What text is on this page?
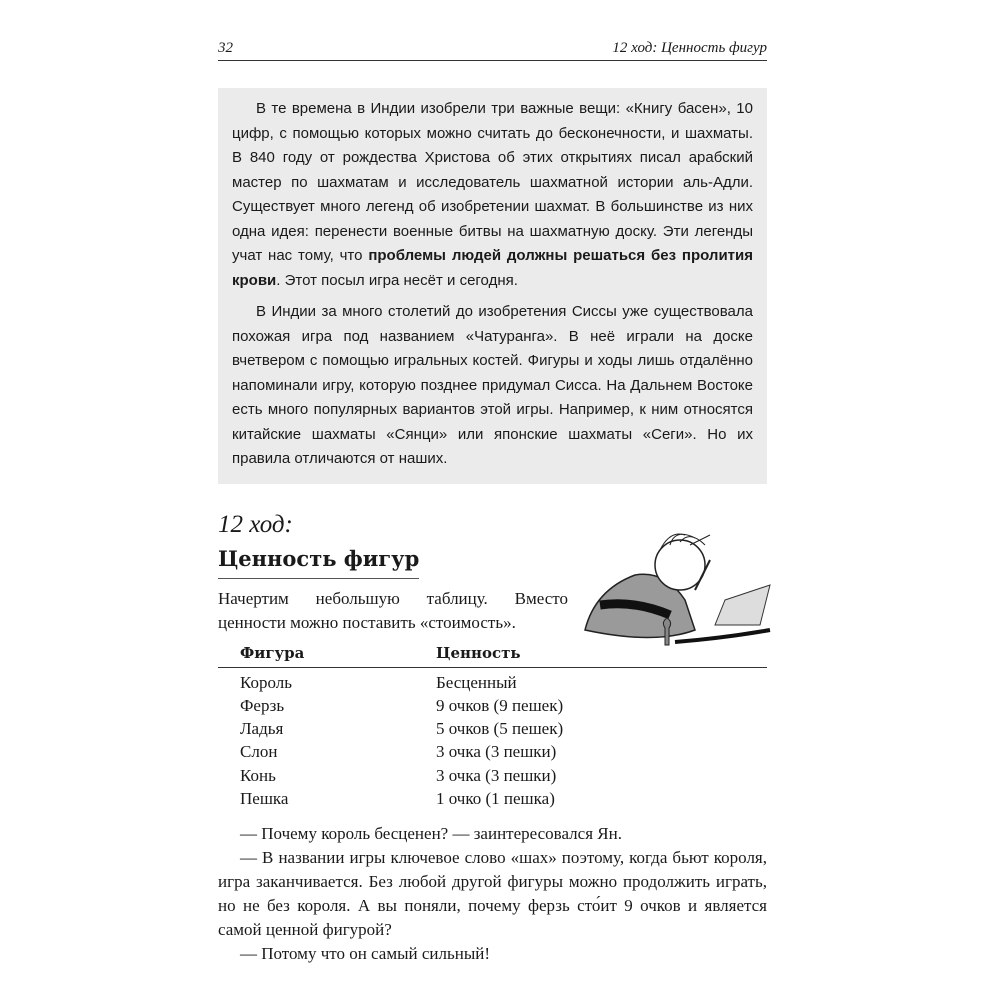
32	12 ход: Ценность фигур

В те времена в Индии изобрели три важные вещи: «Книгу басен», 10 цифр, с помощью которых можно считать до бесконечности, и шахматы. В 840 году от рождества Христова об этих открытиях писал арабский мастер по шахматам и исследователь шахматной истории аль-Адли. Существует много легенд об изобретении шахмат. В большинстве из них одна идея: перенести военные битвы на шахматную доску. Эти легенды учат нас тому, что проблемы людей должны решаться без пролития крови. Этот посыл игра несёт и сегодня.

В Индии за много столетий до изобретения Сиссы уже существовала похожая игра под названием «Чатуранга». В неё играли на доске вчетвером с помощью игральных костей. Фигуры и ходы лишь отдалённо напоминали игру, которую позднее придумал Сисса. На Дальнем Востоке есть много популярных вариантов этой игры. Например, к ним относятся китайские шахматы «Сянци» или японские шахматы «Сеги». Но их правила отличаются от наших.

12 ход:
Ценность фигур
Начертим небольшую таблицу. Вместо ценности можно поставить «стоимость».
Фигура	Ценность
Король	Бесценный
Ферзь	9 очков (9 пешек)
Ладья	5 очков (5 пешек)
Слон	3 очка (3 пешки)
Конь	3 очка (3 пешки)
Пешка	1 очко (1 пешка)

— Почему король бесценен? — заинтересовался Ян.

— В названии игры ключевое слово «шах» поэтому, когда бьют короля, игра заканчивается. Без любой другой фигуры можно продолжить играть, но не без короля. А вы поняли, почему ферзь сто́ит 9 очков и является самой ценной фигурой?

— Потому что он самый сильный!
